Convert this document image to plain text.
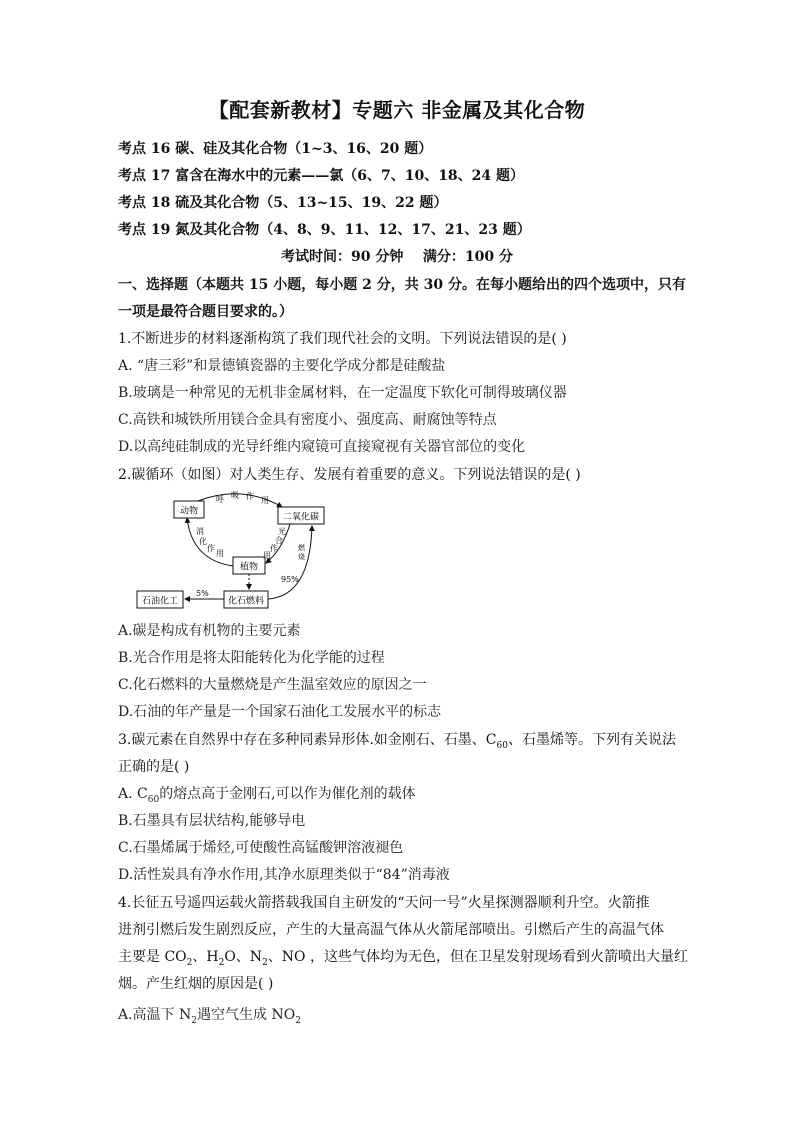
【配套新教材】专题六 非金属及其化合物
考点 16 碳、硅及其化合物（1~3、16、20 题）
考点 17 富含在海水中的元素——氯（6、7、10、18、24 题）
考点 18 硫及其化合物（5、13~15、19、22 题）
考点 19 氮及其化合物（4、8、9、11、12、17、21、23 题）
考试时间：90 分钟    满分：100 分
一、选择题（本题共 15 小题，每小题 2 分，共 30 分。在每小题给出的四个选项中，只有
一项是最符合题目要求的。）
1.不断进步的材料逐渐构筑了我们现代社会的文明。下列说法错误的是( )
A. “唐三彩”和景德镇瓷器的主要化学成分都是硅酸盐
B.玻璃是一种常见的无机非金属材料，在一定温度下软化可制得玻璃仪器
C.高铁和城铁所用镁合金具有密度小、强度高、耐腐蚀等特点
D.以高纯硅制成的光导纤维内窥镜可直接窥视有关器官部位的变化
2.碳循环（如图）对人类生存、发展有着重要的意义。下列说法错误的是( )
动物
二氧化碳
植物
化石燃料
石油化工
呼 吸 作 用
消
化
作
用
光
合
作
用
燃
烧
95%
5%
A.碳是构成有机物的主要元素
B.光合作用是将太阳能转化为化学能的过程
C.化石燃料的大量燃烧是产生温室效应的原因之一
D.石油的年产量是一个国家石油化工发展水平的标志
3.碳元素在自然界中存在多种同素异形体.如金刚石、石墨、$C_{60}$、石墨烯等。下列有关说法
正确的是( )
A. $C_{60}$的熔点高于金刚石,可以作为催化剂的载体
B.石墨具有层状结构,能够导电
C.石墨烯属于烯烃,可使酸性高锰酸钾溶液褪色
D.活性炭具有净水作用,其净水原理类似于“84”消毒液
4.长征五号遥四运载火箭搭载我国自主研发的“天问一号”火星探测器顺利升空。火箭推
进剂引燃后发生剧烈反应，产生的大量高温气体从火箭尾部喷出。引燃后产生的高温气体
主要是 $CO_2$、$H_2O$、$N_2$、NO ，这些气体均为无色，但在卫星发射现场看到火箭喷出大量红
烟。产生红烟的原因是( )
A.高温下 $N_2$遇空气生成 $NO_2$
